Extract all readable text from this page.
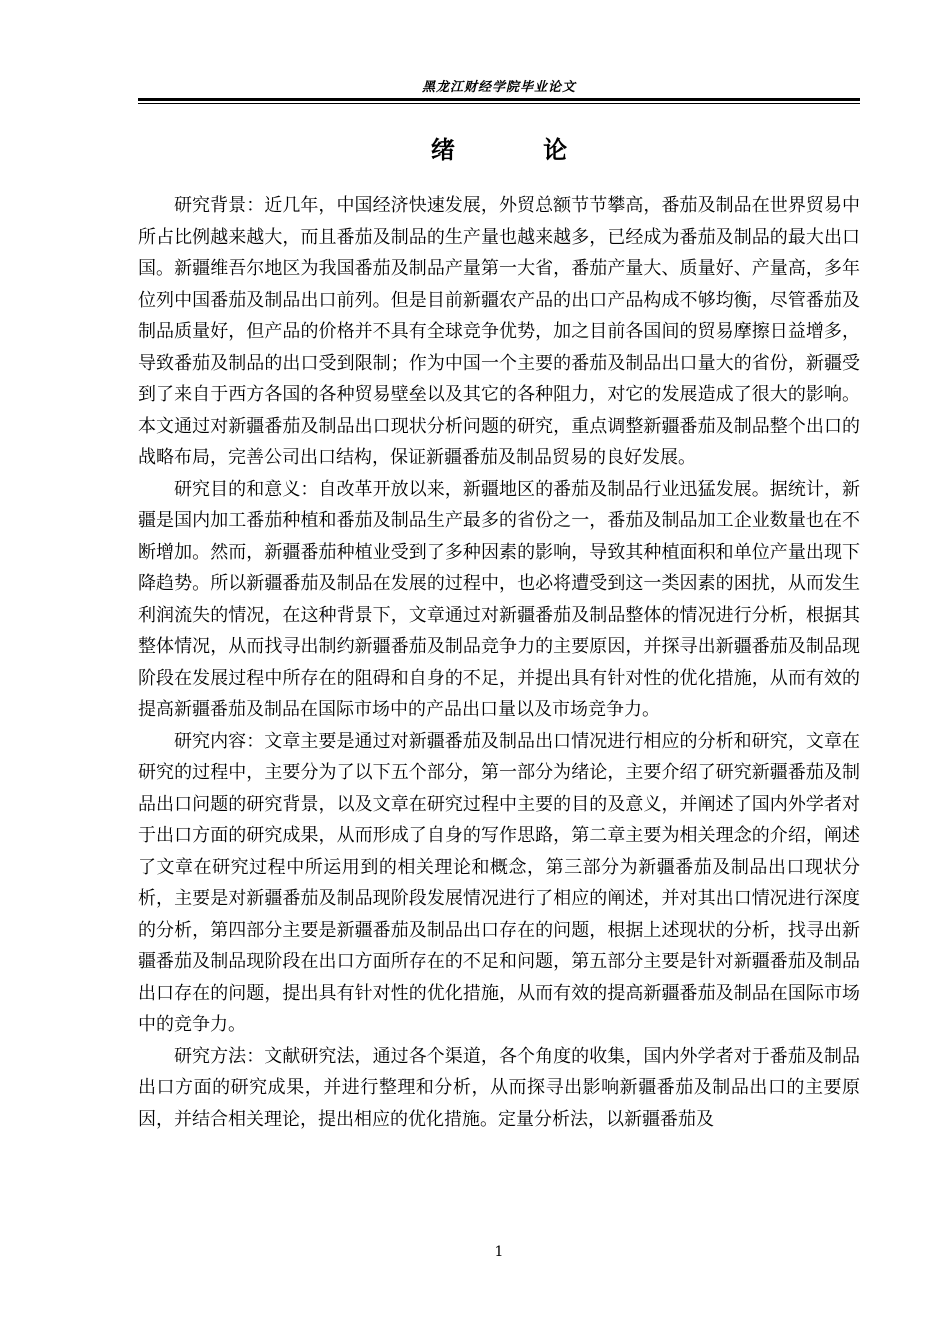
黑龙江财经学院毕业论文
绪 论

研究背景：近几年，中国经济快速发展，外贸总额节节攀高，番茄及制品在世界贸易中所占比例越来越大，而且番茄及制品的生产量也越来越多，已经成为番茄及制品的最大出口国。新疆维吾尔地区为我国番茄及制品产量第一大省，番茄产量大、质量好、产量高，多年位列中国番茄及制品出口前列。但是目前新疆农产品的出口产品构成不够均衡，尽管番茄及制品质量好，但产品的价格并不具有全球竞争优势，加之目前各国间的贸易摩擦日益增多，导致番茄及制品的出口受到限制；作为中国一个主要的番茄及制品出口量大的省份，新疆受到了来自于西方各国的各种贸易壁垒以及其它的各种阻力，对它的发展造成了很大的影响。本文通过对新疆番茄及制品出口现状分析问题的研究，重点调整新疆番茄及制品整个出口的战略布局，完善公司出口结构，保证新疆番茄及制品贸易的良好发展。

研究目的和意义：自改革开放以来，新疆地区的番茄及制品行业迅猛发展。据统计，新疆是国内加工番茄种植和番茄及制品生产最多的省份之一，番茄及制品加工企业数量也在不断增加。然而，新疆番茄种植业受到了多种因素的影响，导致其种植面积和单位产量出现下降趋势。所以新疆番茄及制品在发展的过程中，也必将遭受到这一类因素的困扰，从而发生利润流失的情况，在这种背景下，文章通过对新疆番茄及制品整体的情况进行分析，根据其整体情况，从而找寻出制约新疆番茄及制品竞争力的主要原因，并探寻出新疆番茄及制品现阶段在发展过程中所存在的阻碍和自身的不足，并提出具有针对性的优化措施，从而有效的提高新疆番茄及制品在国际市场中的产品出口量以及市场竞争力。

研究内容：文章主要是通过对新疆番茄及制品出口情况进行相应的分析和研究，文章在研究的过程中，主要分为了以下五个部分，第一部分为绪论，主要介绍了研究新疆番茄及制品出口问题的研究背景，以及文章在研究过程中主要的目的及意义，并阐述了国内外学者对于出口方面的研究成果，从而形成了自身的写作思路，第二章主要为相关理念的介绍，阐述了文章在研究过程中所运用到的相关理论和概念，第三部分为新疆番茄及制品出口现状分析，主要是对新疆番茄及制品现阶段发展情况进行了相应的阐述，并对其出口情况进行深度的分析，第四部分主要是新疆番茄及制品出口存在的问题，根据上述现状的分析，找寻出新疆番茄及制品现阶段在出口方面所存在的不足和问题，第五部分主要是针对新疆番茄及制品出口存在的问题，提出具有针对性的优化措施，从而有效的提高新疆番茄及制品在国际市场中的竞争力。

研究方法：文献研究法，通过各个渠道，各个角度的收集，国内外学者对于番茄及制品出口方面的研究成果，并进行整理和分析，从而探寻出影响新疆番茄及制品出口的主要原因，并结合相关理论，提出相应的优化措施。定量分析法，以新疆番茄及

1
